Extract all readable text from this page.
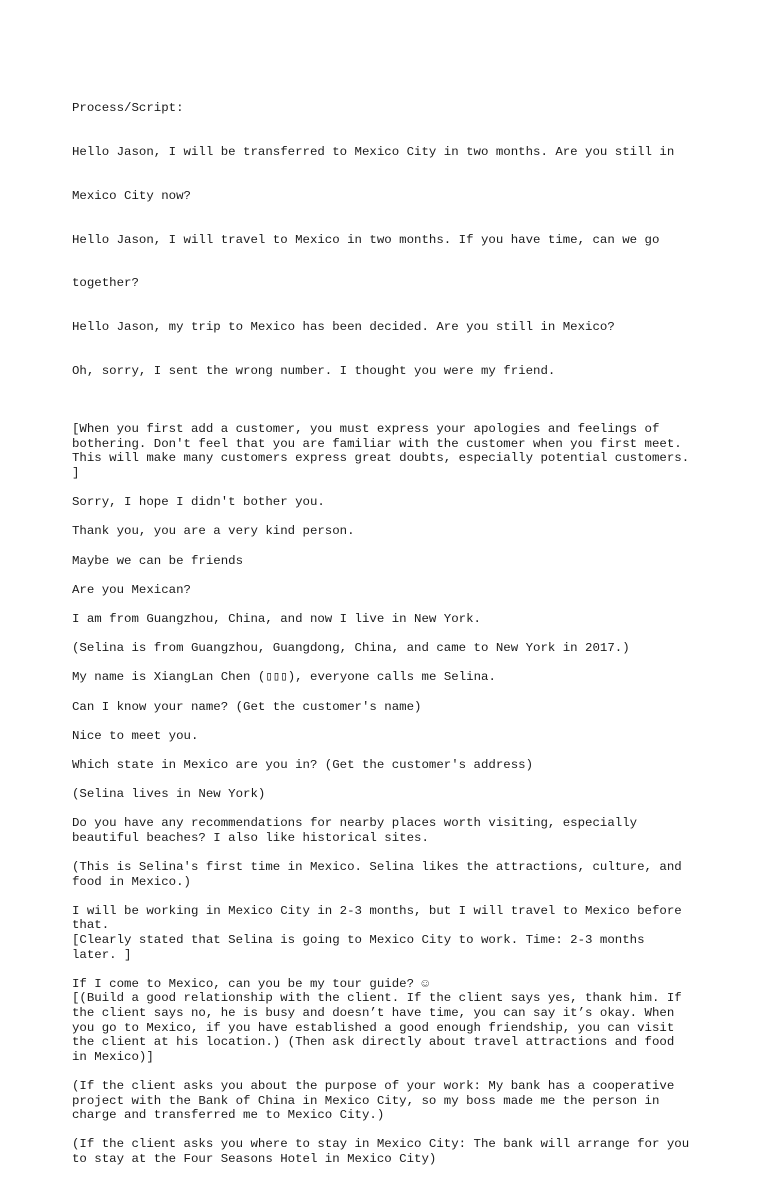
Process/Script:

Hello Jason, I will be transferred to Mexico City in two months. Are you still in

Mexico City now?

Hello Jason, I will travel to Mexico in two months. If you have time, can we go

together?

Hello Jason, my trip to Mexico has been decided. Are you still in Mexico?

Oh, sorry, I sent the wrong number. I thought you were my friend.

[When you first add a customer, you must express your apologies and feelings of
bothering. Don't feel that you are familiar with the customer when you first meet.
This will make many customers express great doubts, especially potential customers.
]
Sorry, I hope I didn't bother you.
Thank you, you are a very kind person.
Maybe we can be friends
Are you Mexican?
I am from Guangzhou, China, and now I live in New York.
(Selina is from Guangzhou, Guangdong, China, and came to New York in 2017.)
My name is XiangLan Chen (▯▯▯), everyone calls me Selina.
Can I know your name? (Get the customer's name)
Nice to meet you.
Which state in Mexico are you in? (Get the customer's address)
(Selina lives in New York)
Do you have any recommendations for nearby places worth visiting, especially
beautiful beaches? I also like historical sites.
(This is Selina's first time in Mexico. Selina likes the attractions, culture, and
food in Mexico.)
I will be working in Mexico City in 2-3 months, but I will travel to Mexico before
that.
[Clearly stated that Selina is going to Mexico City to work. Time: 2-3 months
later. ]
If I come to Mexico, can you be my tour guide? ☺
[(Build a good relationship with the client. If the client says yes, thank him. If
the client says no, he is busy and doesn’t have time, you can say it’s okay. When
you go to Mexico, if you have established a good enough friendship, you can visit
the client at his location.) (Then ask directly about travel attractions and food
in Mexico)]
(If the client asks you about the purpose of your work: My bank has a cooperative
project with the Bank of China in Mexico City, so my boss made me the person in
charge and transferred me to Mexico City.)
(If the client asks you where to stay in Mexico City: The bank will arrange for you
to stay at the Four Seasons Hotel in Mexico City)
